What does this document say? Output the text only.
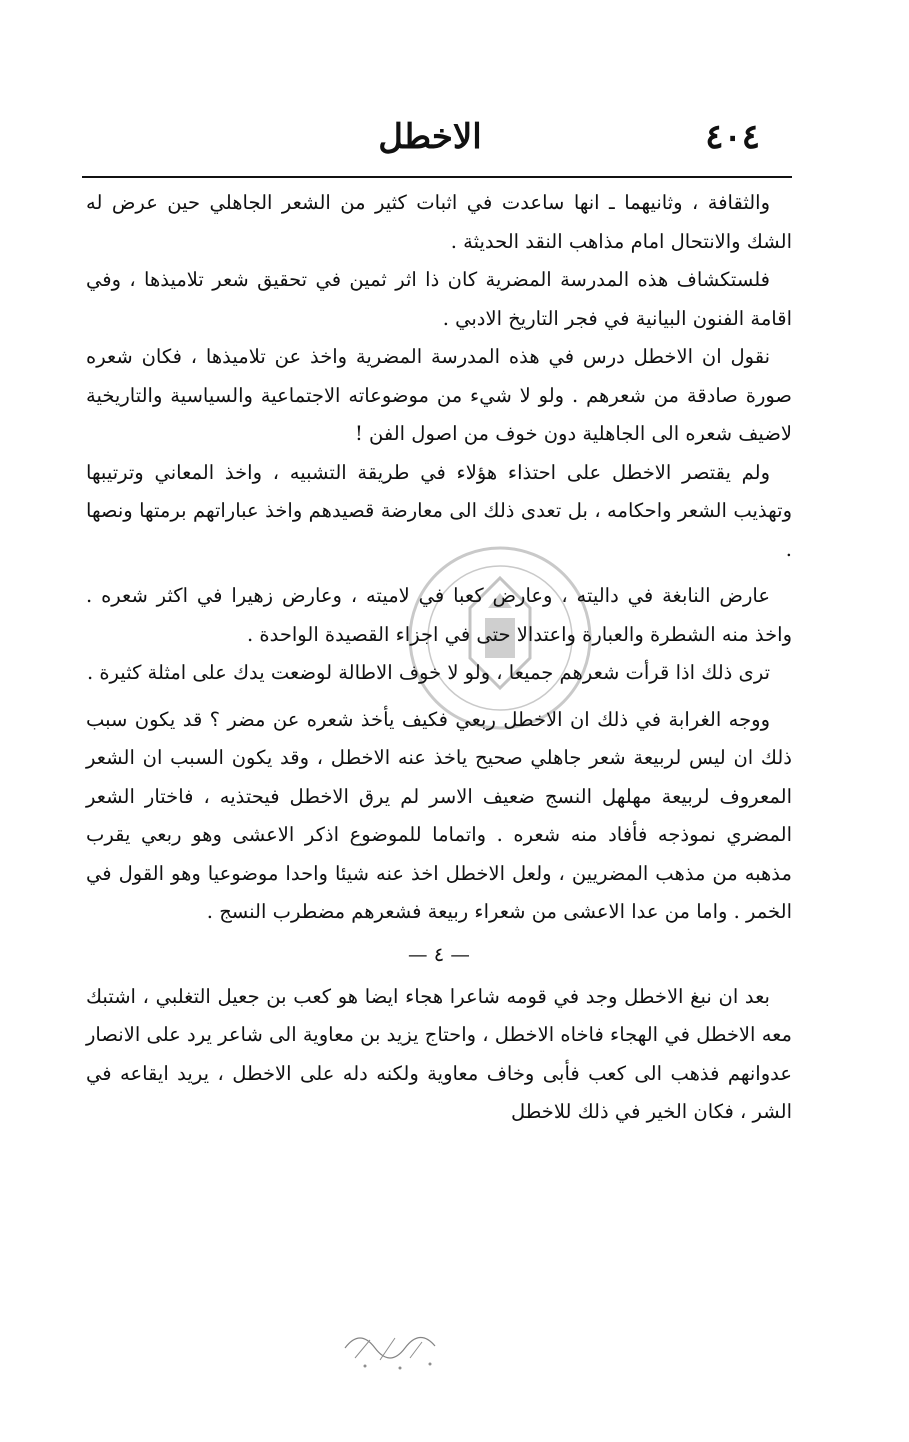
٤٠٤
الاخطل

والثقافة ، وثانيهما ـ انها ساعدت في اثبات كثير من الشعر الجاهلي حين عرض له الشك والانتحال امام مذاهب النقد الحديثة .

فلستكشاف هذه المدرسة المضرية كان ذا اثر ثمين في تحقيق شعر تلاميذها ، وفي اقامة الفنون البيانية في فجر التاريخ الادبي .

نقول ان الاخطل درس في هذه المدرسة المضرية واخذ عن تلاميذها ، فكان شعره صورة صادقة من شعرهم . ولو لا شيء من موضوعاته الاجتماعية والسياسية والتاريخية لاضيف شعره الى الجاهلية دون خوف من اصول الفن !

ولم يقتصر الاخطل على احتذاء هؤلاء في طريقة التشبيه ، واخذ المعاني وترتيبها وتهذيب الشعر واحكامه ، بل تعدى ذلك الى معارضة قصيدهم واخذ عباراتهم برمتها ونصها .

عارض النابغة في داليته ، وعارض كعبا في لاميته ، وعارض زهيرا في اكثر شعره . واخذ منه الشطرة والعبارة واعتدالا حتى في اجزاء القصيدة الواحدة .

ترى ذلك اذا قرأت شعرهم جميعا ، ولو لا خوف الاطالة لوضعت يدك على امثلة كثيرة .

ووجه الغرابة في ذلك ان الاخطل ربعي فكيف يأخذ شعره عن مضر ؟ قد يكون سبب ذلك ان ليس لربيعة شعر جاهلي صحيح ياخذ عنه الاخطل ، وقد يكون السبب ان الشعر المعروف لربيعة مهلهل النسج ضعيف الاسر لم يرق الاخطل فيحتذيه ، فاختار الشعر المضري نموذجه فأفاد منه شعره . واتماما للموضوع اذكر الاعشى وهو ربعي يقرب مذهبه من مذهب المضريين ، ولعل الاخطل اخذ عنه شيئا واحدا موضوعيا وهو القول في الخمر . واما من عدا الاعشى من شعراء ربيعة فشعرهم مضطرب النسج .

— ٤ —

بعد ان نبغ الاخطل وجد في قومه شاعرا هجاء ايضا هو كعب بن جعيل التغلبي ، اشتبك معه الاخطل في الهجاء فاخاه الاخطل ، واحتاج يزيد بن معاوية الى شاعر يرد على الانصار عدوانهم فذهب الى كعب فأبى وخاف معاوية ولكنه دله على الاخطل ، يريد ايقاعه في الشر ، فكان الخير في ذلك للاخطل
